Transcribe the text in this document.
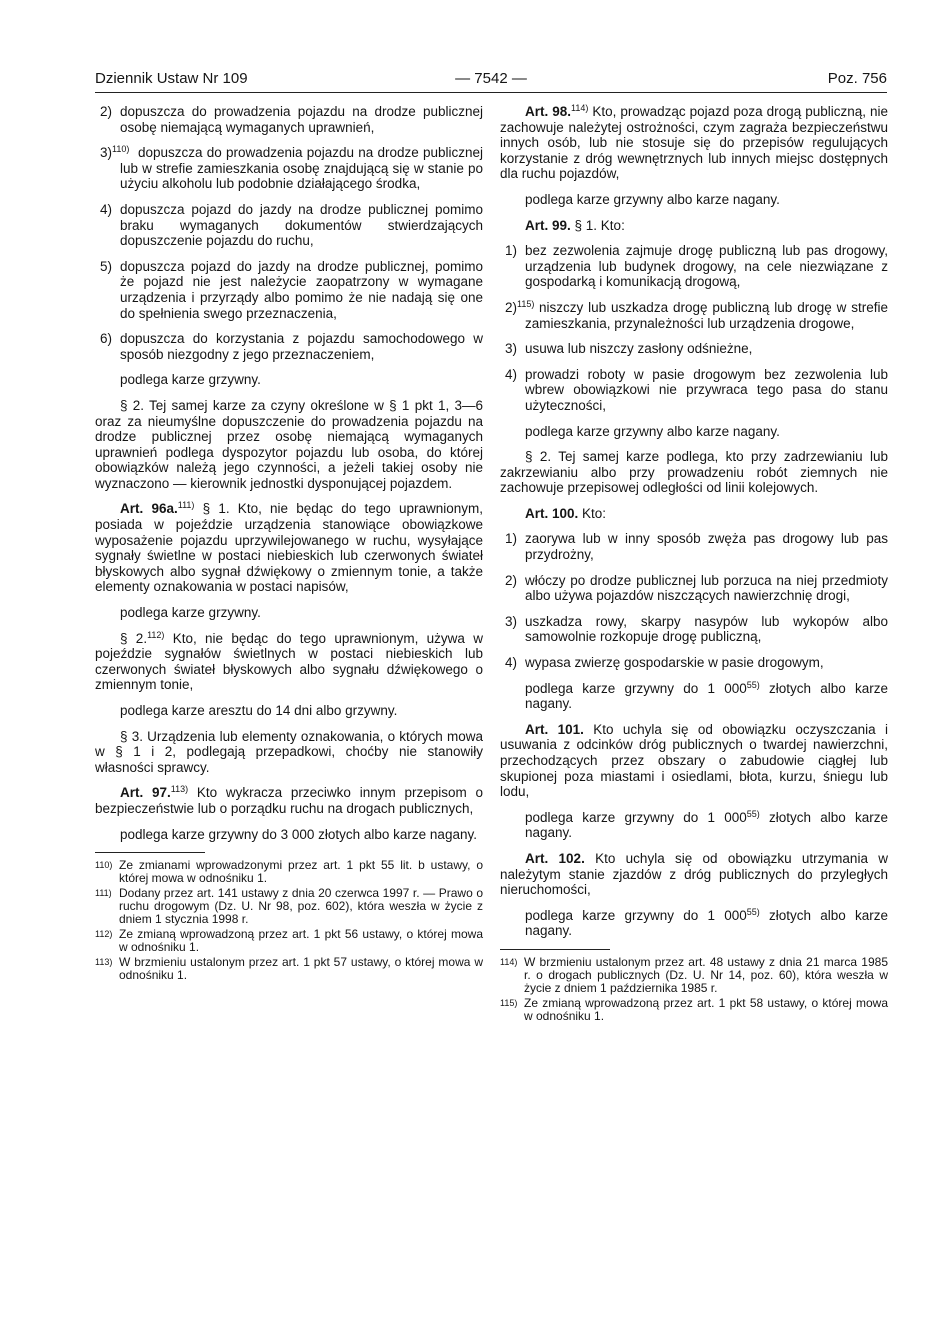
Dziennik Ustaw Nr 109	— 7542 —	Poz. 756
2) dopuszcza do prowadzenia pojazdu na drodze publicznej osobę niemającą wymaganych uprawnień,

3)$^{110)}$ dopuszcza do prowadzenia pojazdu na drodze publicznej lub w strefie zamieszkania osobę znajdującą się w stanie po użyciu alkoholu lub podobnie działającego środka,

4) dopuszcza pojazd do jazdy na drodze publicznej pomimo braku wymaganych dokumentów stwierdzających dopuszczenie pojazdu do ruchu,

5) dopuszcza pojazd do jazdy na drodze publicznej, pomimo że pojazd nie jest należycie zaopatrzony w wymagane urządzenia i przyrządy albo pomimo że nie nadają się one do spełnienia swego przeznaczenia,

6) dopuszcza do korzystania z pojazdu samochodowego w sposób niezgodny z jego przeznaczeniem,

podlega karze grzywny.

§ 2. Tej samej karze za czyny określone w § 1 pkt 1, 3—6 oraz za nieumyślne dopuszczenie do prowadzenia pojazdu na drodze publicznej przez osobę niemającą wymaganych uprawnień podlega dyspozytor pojazdu lub osoba, do której obowiązków należą jego czynności, a jeżeli takiej osoby nie wyznaczono — kierownik jednostki dysponującej pojazdem.

Art. 96a.$^{111)}$ § 1. Kto, nie będąc do tego uprawnionym, posiada w pojeździe urządzenia stanowiące obowiązkowe wyposażenie pojazdu uprzywilejowanego w ruchu, wysyłające sygnały świetlne w postaci niebieskich lub czerwonych świateł błyskowych albo sygnał dźwiękowy o zmiennym tonie, a także elementy oznakowania w postaci napisów,

podlega karze grzywny.

§ 2.$^{112)}$ Kto, nie będąc do tego uprawnionym, używa w pojeździe sygnałów świetlnych w postaci niebieskich lub czerwonych świateł błyskowych albo sygnału dźwiękowego o zmiennym tonie,

podlega karze aresztu do 14 dni albo grzywny.

§ 3. Urządzenia lub elementy oznakowania, o których mowa w § 1 i 2, podlegają przepadkowi, choćby nie stanowiły własności sprawcy.

Art. 97.$^{113)}$ Kto wykracza przeciwko innym przepisom o bezpieczeństwie lub o porządku ruchu na drogach publicznych,

podlega karze grzywny do 3 000 złotych albo karze nagany.

110) Ze zmianami wprowadzonymi przez art. 1 pkt 55 lit. b ustawy, o której mowa w odnośniku 1.
111) Dodany przez art. 141 ustawy z dnia 20 czerwca 1997 r. — Prawo o ruchu drogowym (Dz. U. Nr 98, poz. 602), która weszła w życie z dniem 1 stycznia 1998 r.
112) Ze zmianą wprowadzoną przez art. 1 pkt 56 ustawy, o której mowa w odnośniku 1.
113) W brzmieniu ustalonym przez art. 1 pkt 57 ustawy, o której mowa w odnośniku 1.

Art. 98.$^{114)}$ Kto, prowadząc pojazd poza drogą publiczną, nie zachowuje należytej ostrożności, czym zagraża bezpieczeństwu innych osób, lub nie stosuje się do przepisów regulujących korzystanie z dróg wewnętrznych lub innych miejsc dostępnych dla ruchu pojazdów,

podlega karze grzywny albo karze nagany.

Art. 99. § 1. Kto:

1) bez zezwolenia zajmuje drogę publiczną lub pas drogowy, urządzenia lub budynek drogowy, na cele niezwiązane z gospodarką i komunikacją drogową,

2)$^{115)}$ niszczy lub uszkadza drogę publiczną lub drogę w strefie zamieszkania, przynależności lub urządzenia drogowe,

3) usuwa lub niszczy zasłony odśnieżne,

4) prowadzi roboty w pasie drogowym bez zezwolenia lub wbrew obowiązkowi nie przywraca tego pasa do stanu użyteczności,

podlega karze grzywny albo karze nagany.

§ 2. Tej samej karze podlega, kto przy zadrzewianiu lub zakrzewianiu albo przy prowadzeniu robót ziemnych nie zachowuje przepisowej odległości od linii kolejowych.

Art. 100. Kto:

1) zaorywa lub w inny sposób zwęża pas drogowy lub pas przydrożny,

2) włóczy po drodze publicznej lub porzuca na niej przedmioty albo używa pojazdów niszczących nawierzchnię drogi,

3) uszkadza rowy, skarpy nasypów lub wykopów albo samowolnie rozkopuje drogę publiczną,

4) wypasa zwierzę gospodarskie w pasie drogowym,

podlega karze grzywny do 1 000$^{55)}$ złotych albo karze nagany.

Art. 101. Kto uchyla się od obowiązku oczyszczania i usuwania z odcinków dróg publicznych o twardej nawierzchni, przechodzących przez obszary o zabudowie ciągłej lub skupionej poza miastami i osiedlami, błota, kurzu, śniegu lub lodu,

podlega karze grzywny do 1 000$^{55)}$ złotych albo karze nagany.

Art. 102. Kto uchyla się od obowiązku utrzymania w należytym stanie zjazdów z dróg publicznych do przyległych nieruchomości,

podlega karze grzywny do 1 000$^{55)}$ złotych albo karze nagany.

114) W brzmieniu ustalonym przez art. 48 ustawy z dnia 21 marca 1985 r. o drogach publicznych (Dz. U. Nr 14, poz. 60), która weszła w życie z dniem 1 października 1985 r.
115) Ze zmianą wprowadzoną przez art. 1 pkt 58 ustawy, o której mowa w odnośniku 1.
